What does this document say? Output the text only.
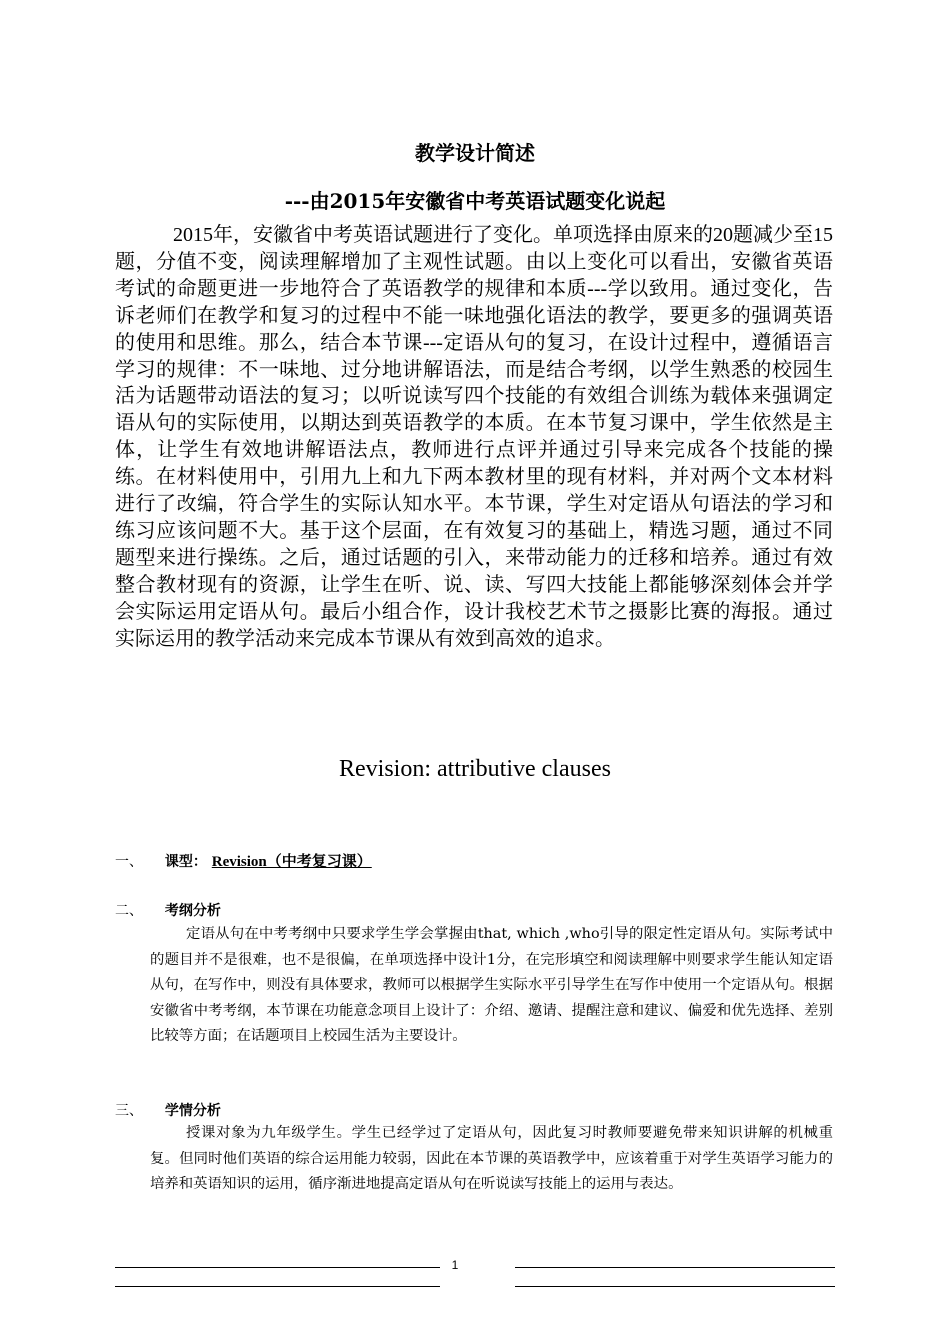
教学设计简述
---由2015年安徽省中考英语试题变化说起
2015年，安徽省中考英语试题进行了变化。单项选择由原来的20题减少至15题，分值不变，阅读理解增加了主观性试题。由以上变化可以看出，安徽省英语考试的命题更进一步地符合了英语教学的规律和本质---学以致用。通过变化，告诉老师们在教学和复习的过程中不能一味地强化语法的教学，要更多的强调英语的使用和思维。那么，结合本节课---定语从句的复习，在设计过程中，遵循语言学习的规律：不一味地、过分地讲解语法，而是结合考纲，以学生熟悉的校园生活为话题带动语法的复习；以听说读写四个技能的有效组合训练为载体来强调定语从句的实际使用，以期达到英语教学的本质。在本节复习课中，学生依然是主体，让学生有效地讲解语法点，教师进行点评并通过引导来完成各个技能的操练。在材料使用中，引用九上和九下两本教材里的现有材料，并对两个文本材料进行了改编，符合学生的实际认知水平。本节课，学生对定语从句语法的学习和练习应该问题不大。基于这个层面，在有效复习的基础上，精选习题，通过不同题型来进行操练。之后，通过话题的引入，来带动能力的迁移和培养。通过有效整合教材现有的资源，让学生在听、说、读、写四大技能上都能够深刻体会并学会实际运用定语从句。最后小组合作，设计我校艺术节之摄影比赛的海报。通过实际运用的教学活动来完成本节课从有效到高效的追求。
Revision: attributive clauses
一、 课型： Revision（中考复习课）
二、 考纲分析
定语从句在中考考纲中只要求学生学会掌握由that, which ,who引导的限定性定语从句。实际考试中的题目并不是很难，也不是很偏，在单项选择中设计1分，在完形填空和阅读理解中则要求学生能认知定语从句，在写作中，则没有具体要求，教师可以根据学生实际水平引导学生在写作中使用一个定语从句。根据安徽省中考考纲，本节课在功能意念项目上设计了：介绍、邀请、提醒注意和建议、偏爱和优先选择、差别比较等方面；在话题项目上校园生活为主要设计。
三、 学情分析
授课对象为九年级学生。学生已经学过了定语从句，因此复习时教师要避免带来知识讲解的机械重复。但同时他们英语的综合运用能力较弱，因此在本节课的英语教学中，应该着重于对学生英语学习能力的培养和英语知识的运用，循序渐进地提高定语从句在听说读写技能上的运用与表达。
1
